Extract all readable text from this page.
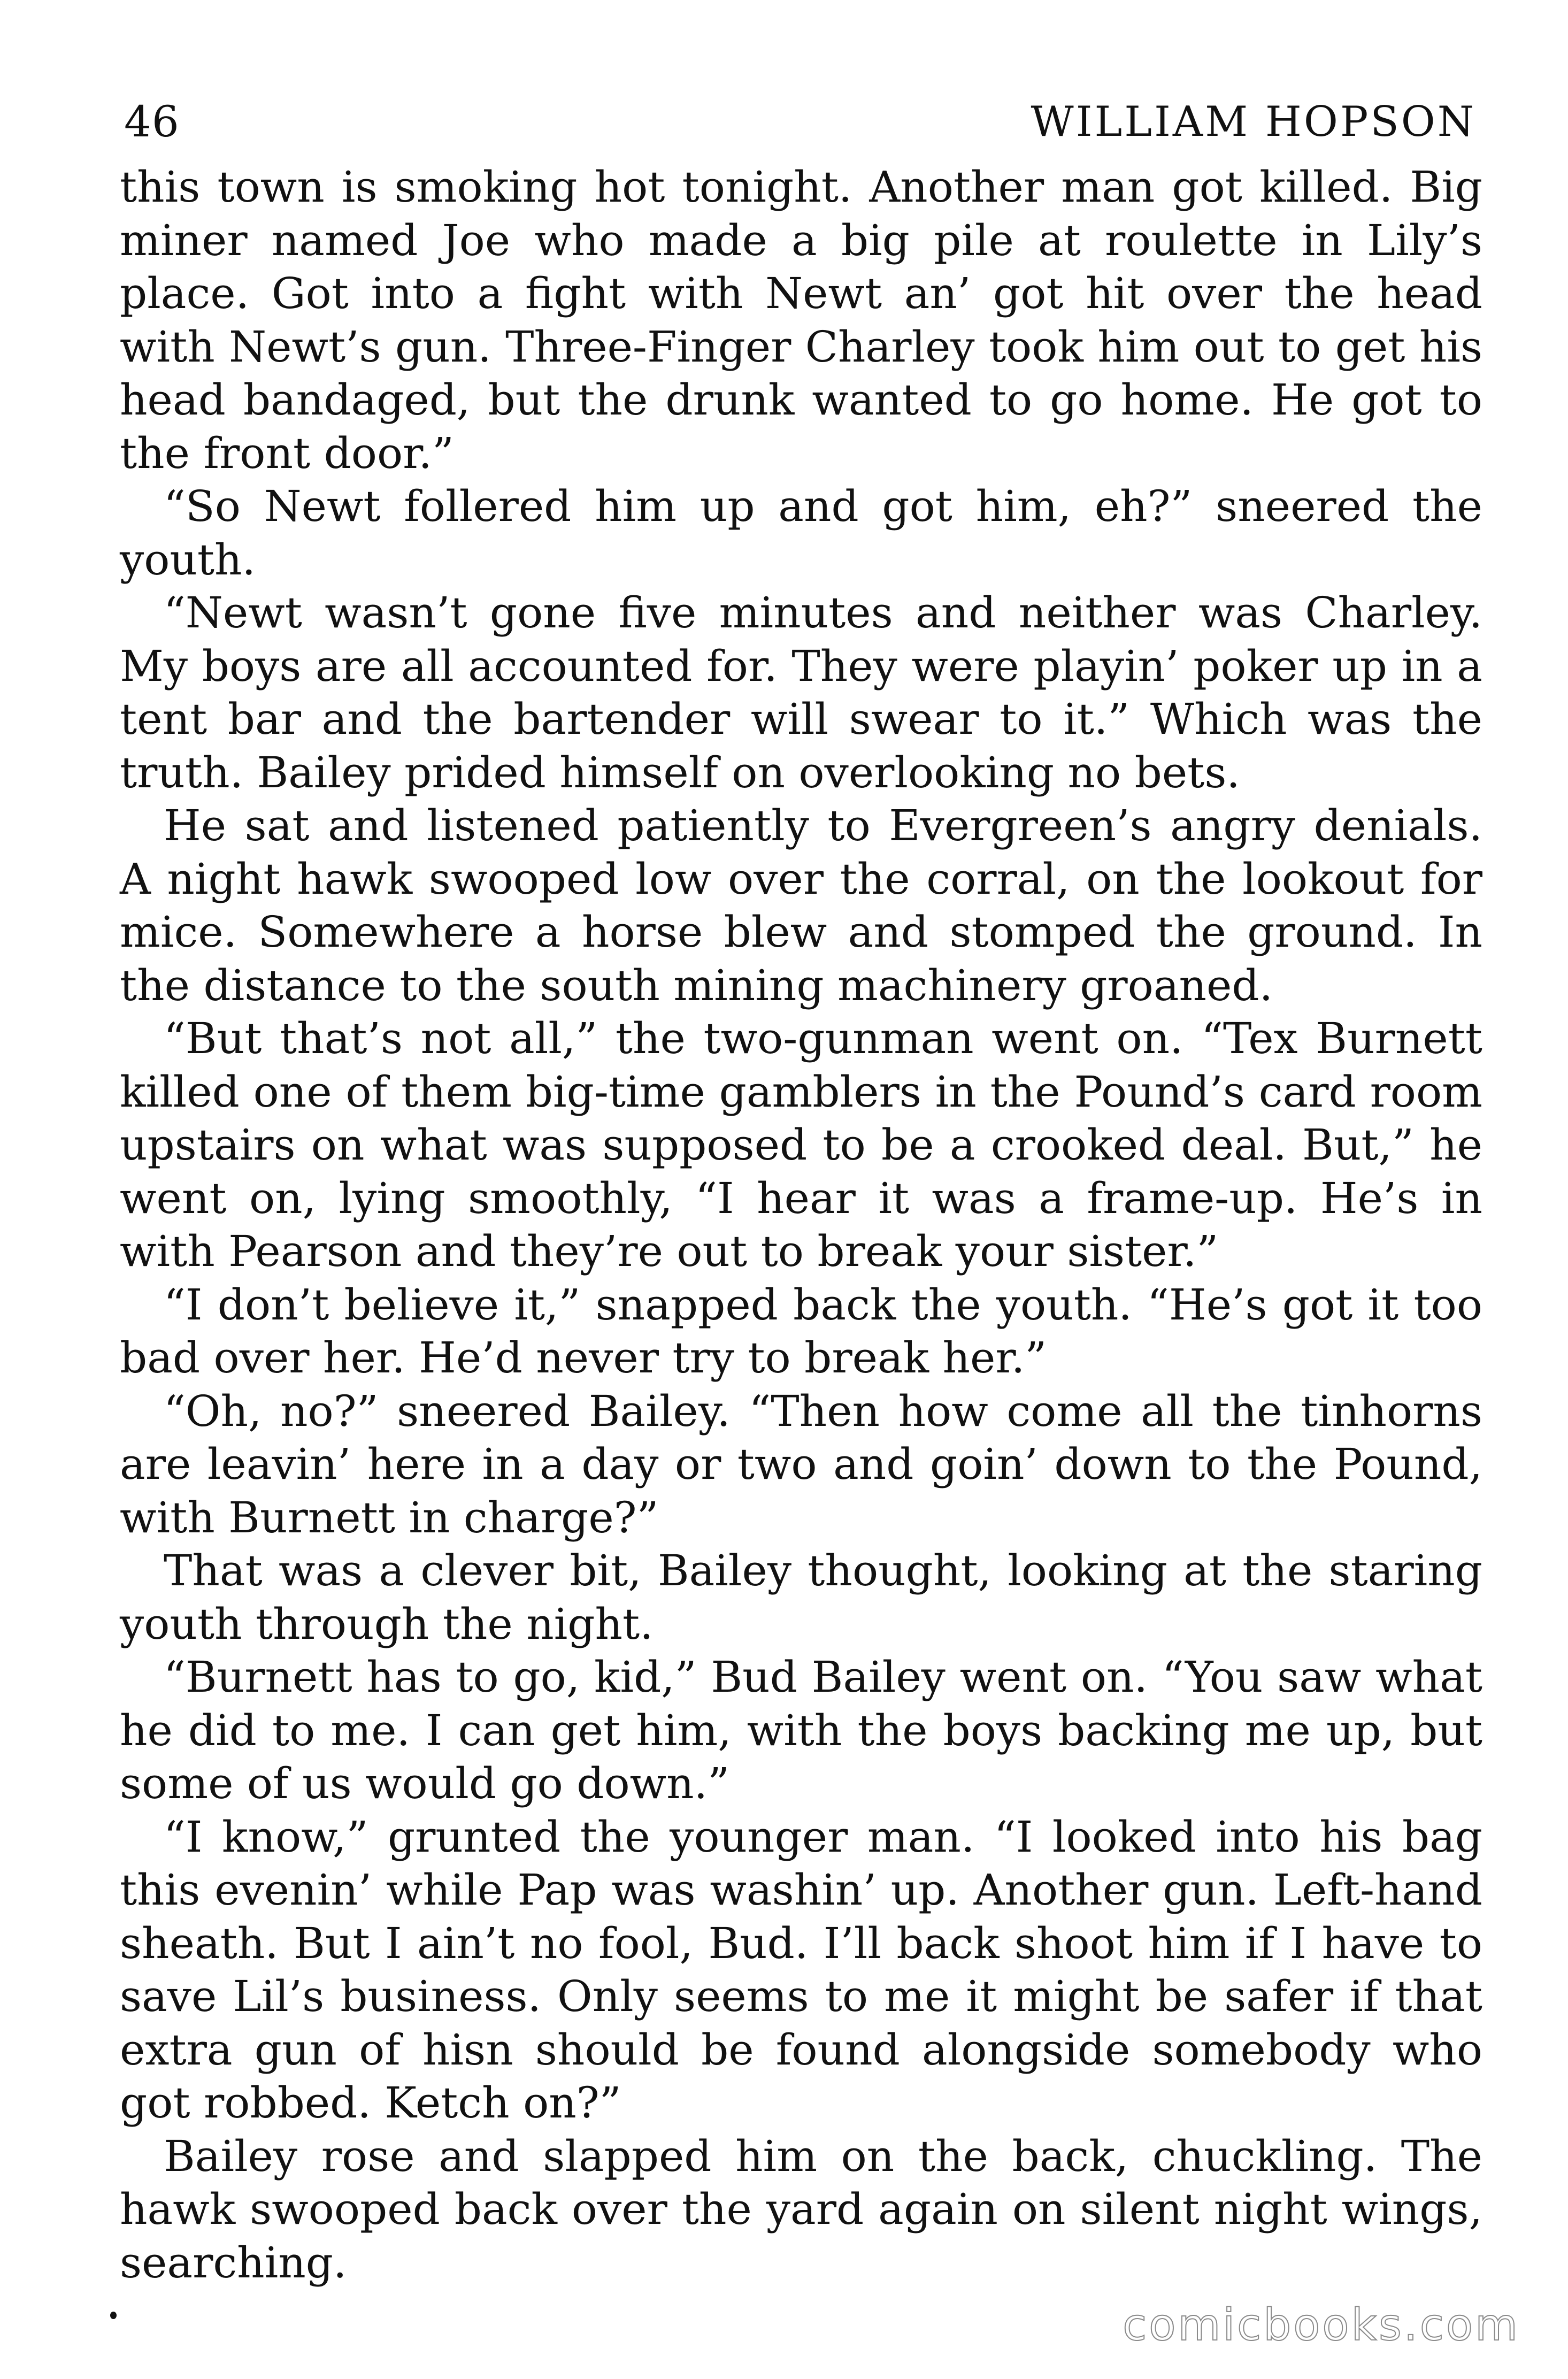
46	WILLIAM HOPSON

this town is smoking hot tonight. Another man got killed. Big miner named Joe who made a big pile at roulette in Lily’s place. Got into a fight with Newt an’ got hit over the head with Newt’s gun. Three-Finger Charley took him out to get his head bandaged, but the drunk wanted to go home. He got to the front door.”

“So Newt follered him up and got him, eh?” sneered the youth.

“Newt wasn’t gone five minutes and neither was Charley. My boys are all accounted for. They were playin’ poker up in a tent bar and the bartender will swear to it.” Which was the truth. Bailey prided himself on overlooking no bets.

He sat and listened patiently to Evergreen’s angry denials. A night hawk swooped low over the corral, on the lookout for mice. Somewhere a horse blew and stomped the ground. In the distance to the south mining machinery groaned.

“But that’s not all,” the two-gunman went on. “Tex Burnett killed one of them big-time gamblers in the Pound’s card room upstairs on what was supposed to be a crooked deal. But,” he went on, lying smoothly, “I hear it was a frame-up. He’s in with Pearson and they’re out to break your sister.”

“I don’t believe it,” snapped back the youth. “He’s got it too bad over her. He’d never try to break her.”

“Oh, no?” sneered Bailey. “Then how come all the tinhorns are leavin’ here in a day or two and goin’ down to the Pound, with Burnett in charge?”

That was a clever bit, Bailey thought, looking at the staring youth through the night.

“Burnett has to go, kid,” Bud Bailey went on. “You saw what he did to me. I can get him, with the boys backing me up, but some of us would go down.”

“I know,” grunted the younger man. “I looked into his bag this evenin’ while Pap was washin’ up. Another gun. Left-hand sheath. But I ain’t no fool, Bud. I’ll back shoot him if I have to save Lil’s business. Only seems to me it might be safer if that extra gun of hisn should be found alongside somebody who got robbed. Ketch on?”

Bailey rose and slapped him on the back, chuckling. The hawk swooped back over the yard again on silent night wings, searching.

comicbooks.com
